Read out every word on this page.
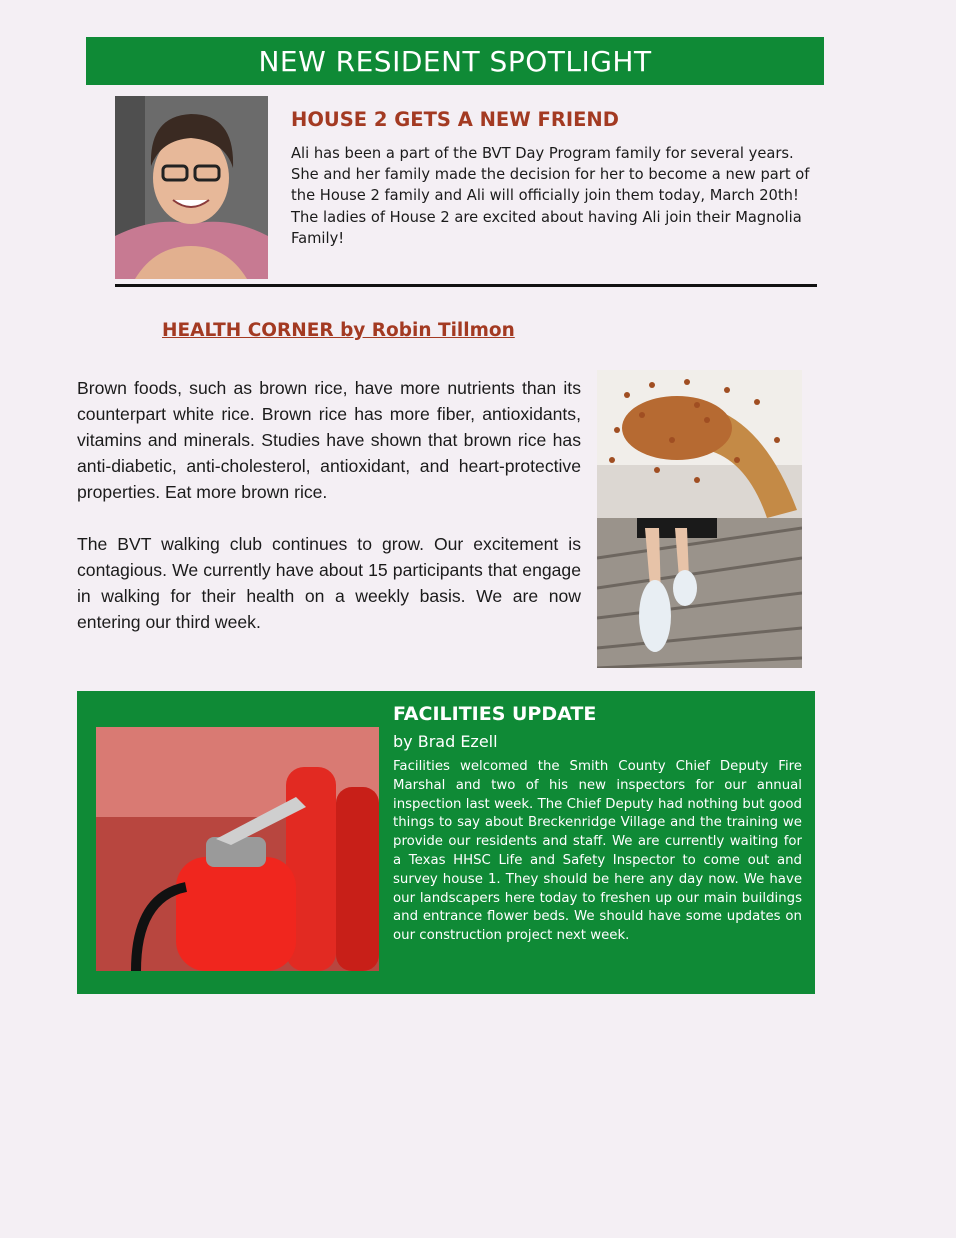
NEW RESIDENT SPOTLIGHT
HOUSE 2 GETS A NEW FRIEND
Ali has been a part of the BVT Day Program family for several years. She and her family made the decision for her to become a new part of the House 2 family and Ali will officially join them today, March 20th! The ladies of House 2 are excited about having Ali join their Magnolia Family!
HEALTH CORNER by Robin Tillmon

Brown foods, such as brown rice, have more nutrients than its counterpart white rice. Brown rice has more fiber, antioxidants, vitamins and minerals. Studies have shown that brown rice has anti-diabetic, anti-cholesterol, antioxidant, and heart-protective properties. Eat more brown rice.

The BVT walking club continues to grow. Our excitement is contagious. We currently have about 15 participants that engage in walking for their health on a weekly basis. We are now entering our third week.

FACILITIES UPDATE
by Brad Ezell
Facilities welcomed the Smith County Chief Deputy Fire Marshal and two of his new inspectors for our annual inspection last week. The Chief Deputy had nothing but good things to say about Breckenridge Village and the training we provide our residents and staff. We are currently waiting for a Texas HHSC Life and Safety Inspector to come out and survey house 1. They should be here any day now. We have our landscapers here today to freshen up our main buildings and entrance flower beds. We should have some updates on our construction project next week.
